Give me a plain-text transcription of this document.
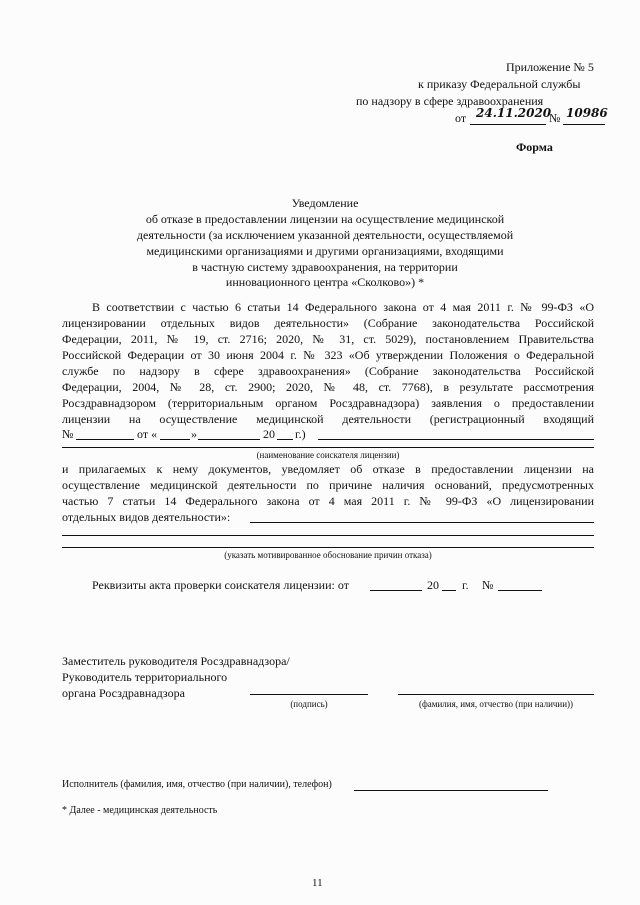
Приложение № 5
к приказу Федеральной службы
по надзору в сфере здравоохранения
от 24.11.2020
№ 10986
Форма
Уведомление
об отказе в предоставлении лицензии на осуществление медицинской
деятельности (за исключением указанной деятельности, осуществляемой
медицинскими организациями и другими организациями, входящими
в частную систему здравоохранения, на территории
инновационного центра «Сколково») *
В соответствии с частью 6 статьи 14 Федерального закона от 4 мая 2011 г. № 99-ФЗ «О
лицензировании отдельных видов деятельности» (Собрание законодательства Российской
Федерации, 2011, № 19, ст. 2716; 2020, № 31, ст. 5029), постановлением Правительства
Российской Федерации от 30 июня 2004 г. № 323 «Об утверждении Положения о Федеральной
службе по надзору в сфере здравоохранения» (Собрание законодательства Российской
Федерации, 2004, № 28, ст. 2900; 2020, № 48, ст. 7768), в результате рассмотрения
Росздравнадзором (территориальным органом Росздравнадзора) заявления о предоставлении
лицензии на осуществление медицинской деятельности (регистрационный входящий
№	от «	»	20 г.)
(наименование соискателя лицензии)
и прилагаемых к нему документов, уведомляет об отказе в предоставлении лицензии на
осуществление медицинской деятельности по причине наличия оснований, предусмотренных
частью 7 статьи 14 Федерального закона от 4 мая 2011 г. № 99-ФЗ «О лицензировании
отдельных видов деятельности»:
(указать мотивированное обоснование причин отказа)
Реквизиты акта проверки соискателя лицензии: от	20 г. №
Заместитель руководителя Росздравнадзора/
Руководитель территориального
органа Росздравнадзора
(подпись)	(фамилия, имя, отчество (при наличии))
Исполнитель (фамилия, имя, отчество (при наличии), телефон)
* Далее - медицинская деятельность
11
